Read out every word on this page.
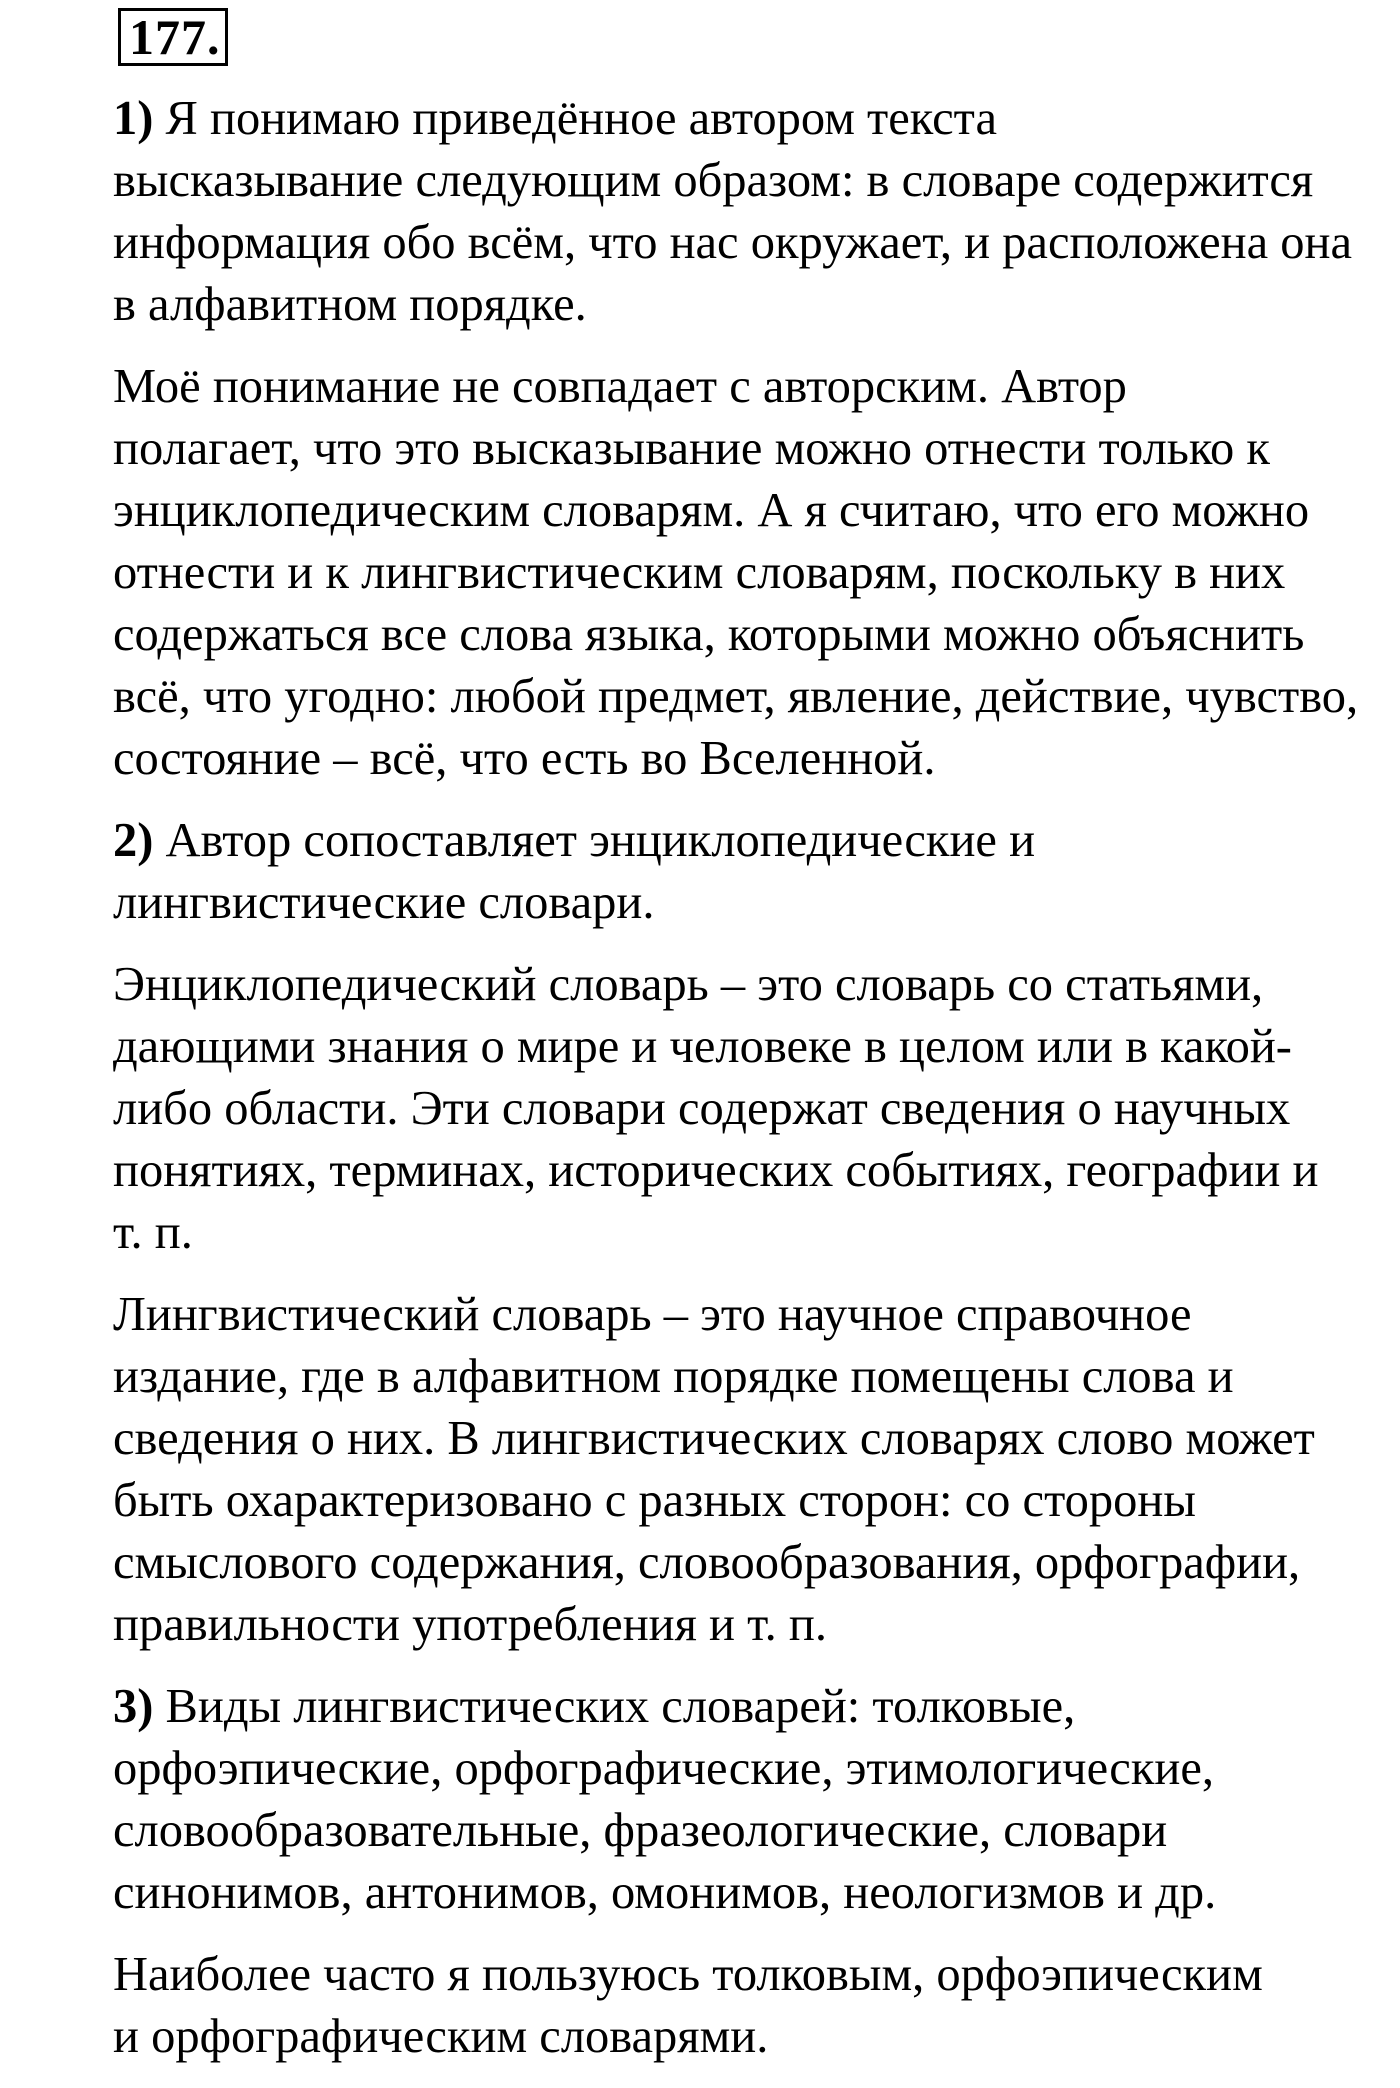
177.

1) Я понимаю приведённое автором текста
высказывание следующим образом: в словаре содержится
информация обо всём, что нас окружает, и расположена она
в алфавитном порядке.

Моё понимание не совпадает с авторским. Автор
полагает, что это высказывание можно отнести только к
энциклопедическим словарям. А я считаю, что его можно
отнести и к лингвистическим словарям, поскольку в них
содержаться все слова языка, которыми можно объяснить
всё, что угодно: любой предмет, явление, действие, чувство,
состояние – всё, что есть во Вселенной.

2) Автор сопоставляет энциклопедические и
лингвистические словари.

Энциклопедический словарь – это словарь со статьями,
дающими знания о мире и человеке в целом или в какой-
либо области. Эти словари содержат сведения о научных
понятиях, терминах, исторических событиях, географии и
т. п.

Лингвистический словарь – это научное справочное
издание, где в алфавитном порядке помещены слова и
сведения о них. В лингвистических словарях слово может
быть охарактеризовано с разных сторон: со стороны
смыслового содержания, словообразования, орфографии,
правильности употребления и т. п.

3) Виды лингвистических словарей: толковые,
орфоэпические, орфографические, этимологические,
словообразовательные, фразеологические, словари
синонимов, антонимов, омонимов, неологизмов и др.

Наиболее часто я пользуюсь толковым, орфоэпическим
и орфографическим словарями.
